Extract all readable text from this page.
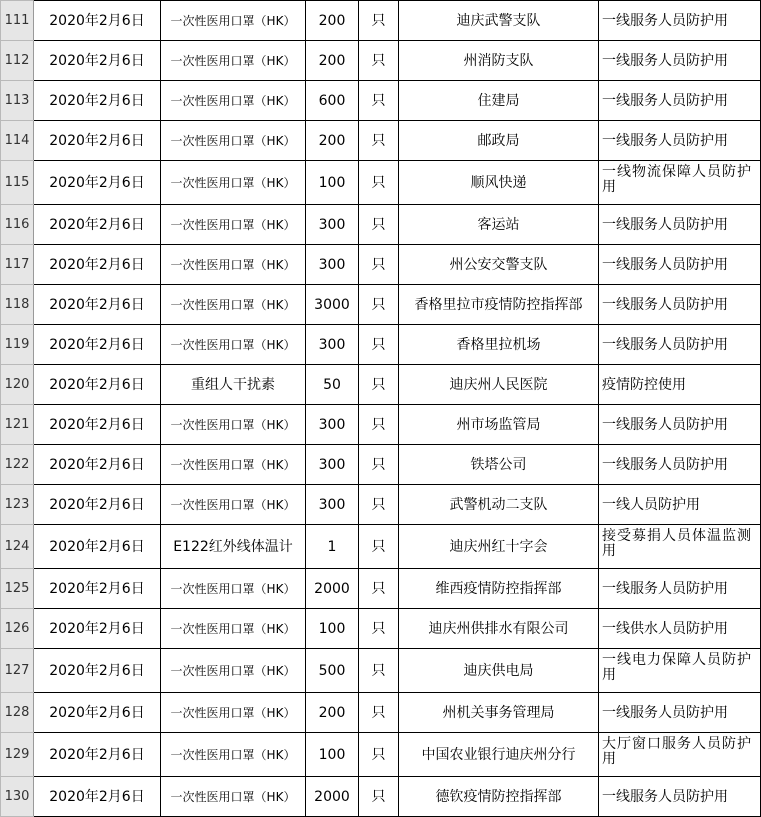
111	2020年2月6日	一次性医用口罩（HK）	200	只	迪庆武警支队	一线服务人员防护用
112	2020年2月6日	一次性医用口罩（HK）	200	只	州消防支队	一线服务人员防护用
113	2020年2月6日	一次性医用口罩（HK）	600	只	住建局	一线服务人员防护用
114	2020年2月6日	一次性医用口罩（HK）	200	只	邮政局	一线服务人员防护用
115	2020年2月6日	一次性医用口罩（HK）	100	只	顺风快递	一线物流保障人员防护用
116	2020年2月6日	一次性医用口罩（HK）	300	只	客运站	一线服务人员防护用
117	2020年2月6日	一次性医用口罩（HK）	300	只	州公安交警支队	一线服务人员防护用
118	2020年2月6日	一次性医用口罩（HK）	3000	只	香格里拉市疫情防控指挥部	一线服务人员防护用
119	2020年2月6日	一次性医用口罩（HK）	300	只	香格里拉机场	一线服务人员防护用
120	2020年2月6日	重组人干扰素	50	只	迪庆州人民医院	疫情防控使用
121	2020年2月6日	一次性医用口罩（HK）	300	只	州市场监管局	一线服务人员防护用
122	2020年2月6日	一次性医用口罩（HK）	300	只	铁塔公司	一线服务人员防护用
123	2020年2月6日	一次性医用口罩（HK）	300	只	武警机动二支队	一线人员防护用
124	2020年2月6日	E122红外线体温计	1	只	迪庆州红十字会	接受募捐人员体温监测用
125	2020年2月6日	一次性医用口罩（HK）	2000	只	维西疫情防控指挥部	一线服务人员防护用
126	2020年2月6日	一次性医用口罩（HK）	100	只	迪庆州供排水有限公司	一线供水人员防护用
127	2020年2月6日	一次性医用口罩（HK）	500	只	迪庆供电局	一线电力保障人员防护用
128	2020年2月6日	一次性医用口罩（HK）	200	只	州机关事务管理局	一线服务人员防护用
129	2020年2月6日	一次性医用口罩（HK）	100	只	中国农业银行迪庆州分行	大厅窗口服务人员防护用
130	2020年2月6日	一次性医用口罩（HK）	2000	只	德钦疫情防控指挥部	一线服务人员防护用
